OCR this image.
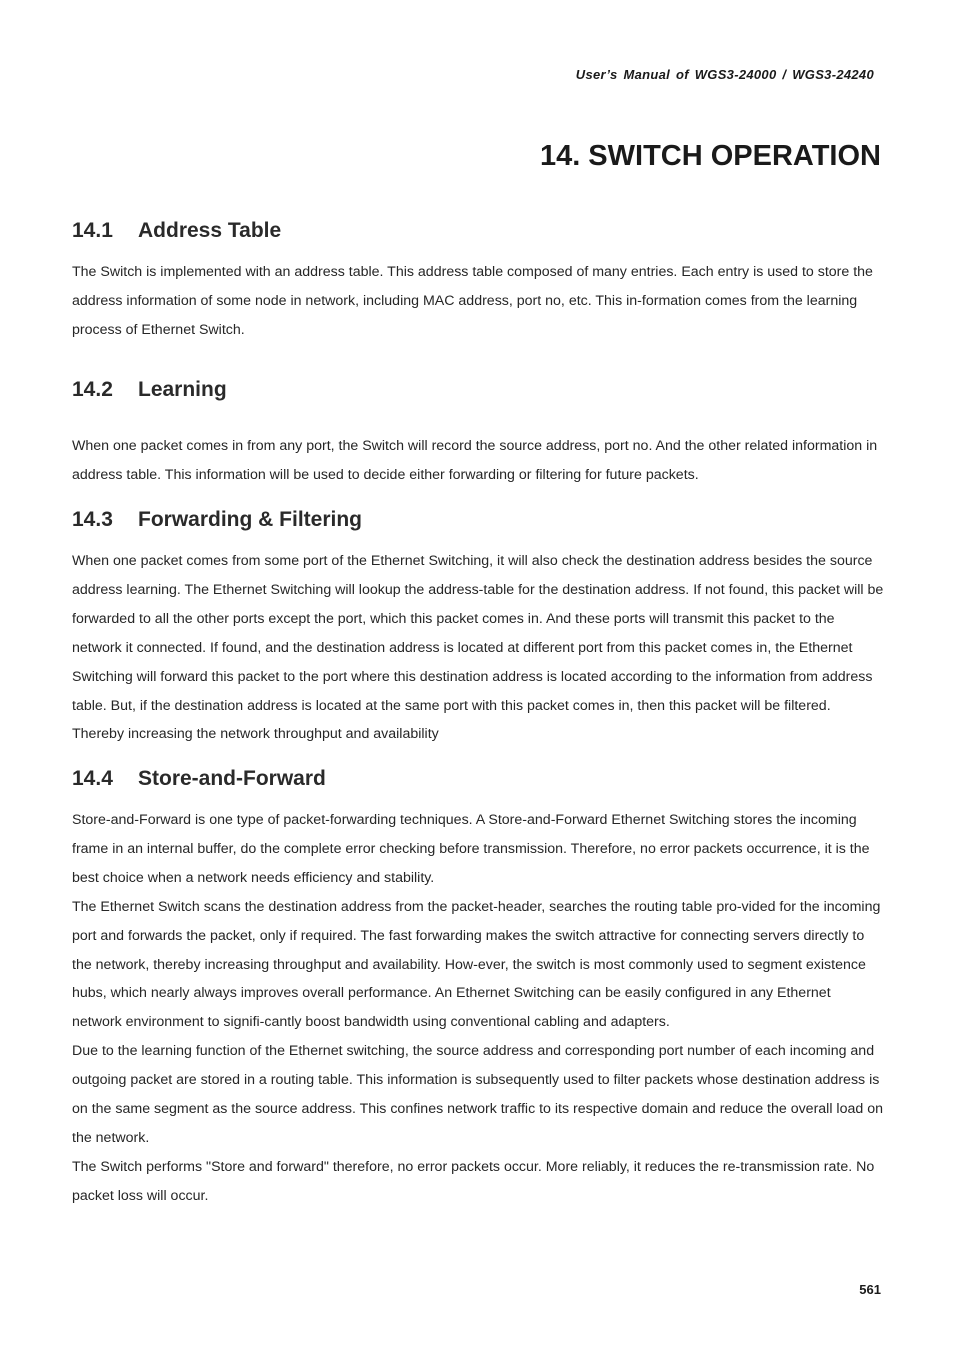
User’s Manual of WGS3-24000 / WGS3-24240
14. SWITCH OPERATION
14.1 Address Table

The Switch is implemented with an address table. This address table composed of many entries. Each entry is used to store the address information of some node in network, including MAC address, port no, etc. This in-formation comes from the learning process of Ethernet Switch.

14.2 Learning

When one packet comes in from any port, the Switch will record the source address, port no. And the other related information in address table. This information will be used to decide either forwarding or filtering for future packets.

14.3 Forwarding & Filtering

When one packet comes from some port of the Ethernet Switching, it will also check the destination address besides the source address learning. The Ethernet Switching will lookup the address-table for the destination address. If not found, this packet will be forwarded to all the other ports except the port, which this packet comes in. And these ports will transmit this packet to the network it connected. If found, and the destination address is located at different port from this packet comes in, the Ethernet Switching will forward this packet to the port where this destination address is located according to the information from address table. But, if the destination address is located at the same port with this packet comes in, then this packet will be filtered. Thereby increasing the network throughput and availability

14.4 Store-and-Forward

Store-and-Forward is one type of packet-forwarding techniques. A Store-and-Forward Ethernet Switching stores the incoming frame in an internal buffer, do the complete error checking before transmission. Therefore, no error packets occurrence, it is the best choice when a network needs efficiency and stability.

The Ethernet Switch scans the destination address from the packet-header, searches the routing table pro-vided for the incoming port and forwards the packet, only if required. The fast forwarding makes the switch attractive for connecting servers directly to the network, thereby increasing throughput and availability. How-ever, the switch is most commonly used to segment existence hubs, which nearly always improves overall performance. An Ethernet Switching can be easily configured in any Ethernet network environment to signifi-cantly boost bandwidth using conventional cabling and adapters.

Due to the learning function of the Ethernet switching, the source address and corresponding port number of each incoming and outgoing packet are stored in a routing table. This information is subsequently used to filter packets whose destination address is on the same segment as the source address. This confines network traffic to its respective domain and reduce the overall load on the network.

The Switch performs "Store and forward" therefore, no error packets occur. More reliably, it reduces the re-transmission rate. No packet loss will occur.

561
